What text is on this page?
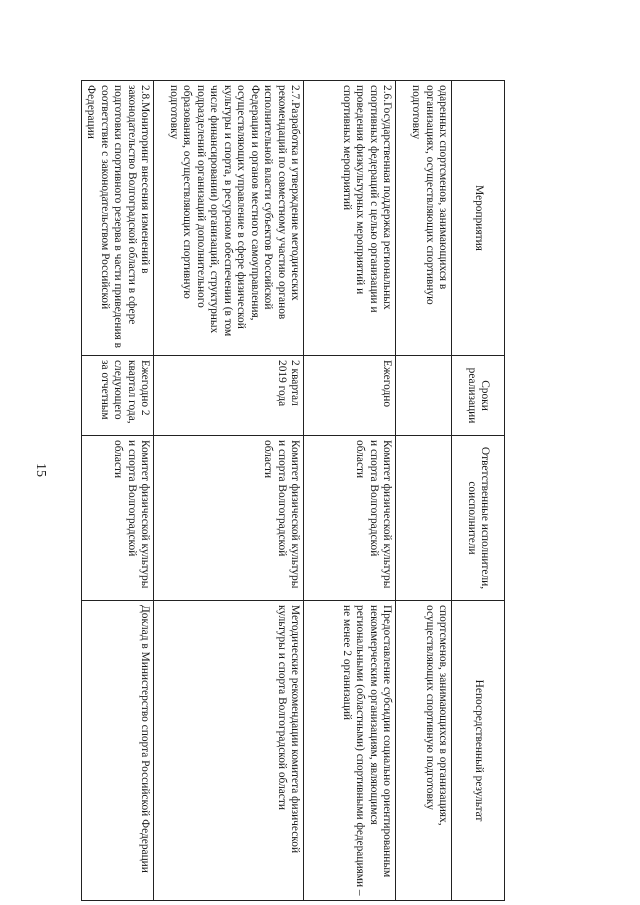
15
Мероприятия	Сроки реализации	Ответственные исполнители, соисполнители	Непосредственный результат
одаренных спортсменов, занимающихся в организациях, осуществляющих спортивную подготовку			спортсменов, занимающихся в организациях, осуществляющих спортивную подготовку
2.6.Государственная поддержка региональных спортивных федераций с целью организации и проведения физкультурных мероприятий и спортивных мероприятий	Ежегодно	Комитет физической культуры и спорта Волгоградской области	Предоставление субсидии социально ориентированным некоммерческим организациям, являющимся региональными (областными) спортивными федерациями – не менее 2 организаций
2.7.Разработка и утверждение методических рекомендаций по совместному участию органов исполнительной власти субъектов Российской Федерации и органов местного самоуправления, осуществляющих управление в сфере физической культуры и спорта, в ресурсном обеспечении (в том числе финансировании) организаций, структурных подразделений организаций дополнительного образования, осуществляющих спортивную подготовку	2 квартал 2019 года	Комитет физической культуры и спорта Волгоградской области	Методические рекомендации комитета физической культуры и спорта Волгоградской области
2.8.Мониторинг внесения изменений в законодательство Волгоградской области в сфере подготовки спортивного резерва в части приведения в соответствие с законодательством Российской Федерации	Ежегодно 2 квартал года, следующего за отчетным	Комитет физической культуры и спорта Волгоградской области	Доклад в Министерство спорта Российской Федерации
